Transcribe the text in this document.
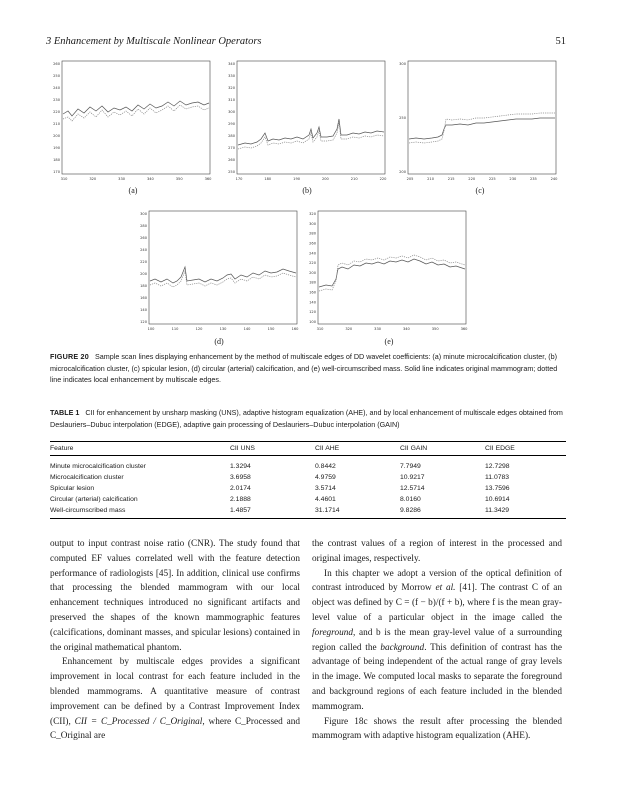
3 Enhancement by Multiscale Nonlinear Operators	51
260
250
240
230
220
210
200
190
180
170
310	320	330	340	350	360
(a)
340
330
320
310
300
290
280
270
260
250
170	180	190	200	210	220
(b)
300
250
200
205	210	215	220	225	230	235	240
(c)
300
280
260
240
220
200
180
160
140
120
100	110	120	130	140	150	160
(d)
320
300
280
260
240
220
200
180
160
140
120
100
310	320	330	340	350	360
(e)
FIGURE 20 Sample scan lines displaying enhancement by the method of multiscale edges of DD wavelet coefficients: (a) minute microcalcification cluster, (b) microcalcification cluster, (c) spicular lesion, (d) circular (arterial) calcification, and (e) well-circumscribed mass. Solid line indicates original mammogram; dotted line indicates local enhancement by multiscale edges.
TABLE 1 CII for enhancement by unsharp masking (UNS), adaptive histogram equalization (AHE), and by local enhancement of multiscale edges obtained from Deslauriers–Dubuc interpolation (EDGE), adaptive gain processing of Deslauriers–Dubuc interpolation (GAIN)
Feature	CII UNS	CII AHE	CII GAIN	CII EDGE
Minute microcalcification cluster	1.3294	0.8442	7.7949	12.7298
Microcalcification cluster	3.6958	4.9759	10.9217	11.0783
Spicular lesion	2.0174	3.5714	12.5714	13.7596
Circular (arterial) calcification	2.1888	4.4601	8.0160	10.6914
Well-circumscribed mass	1.4857	31.1714	9.8286	11.3429

output to input contrast noise ratio (CNR). The study found that computed EF values correlated well with the feature detection performance of radiologists [45]. In addition, clinical use confirms that processing the blended mammogram with our local enhancement techniques introduced no significant artifacts and preserved the shapes of the known mammographic features (calcifications, dominant masses, and spicular lesions) contained in the original mathematical phantom.

Enhancement by multiscale edges provides a significant improvement in local contrast for each feature included in the blended mammograms. A quantitative measure of contrast improvement can be defined by a Contrast Improvement Index (CII), CII = C_Processed / C_Original, where C_Processed and C_Original are

the contrast values of a region of interest in the processed and original images, respectively.

In this chapter we adopt a version of the optical definition of contrast introduced by Morrow et al. [41]. The contrast C of an object was defined by C = (f − b)/(f + b), where f is the mean gray-level value of a particular object in the image called the foreground, and b is the mean gray-level value of a surrounding region called the background. This definition of contrast has the advantage of being independent of the actual range of gray levels in the image. We computed local masks to separate the foreground and background regions of each feature included in the blended mammogram.

Figure 18c shows the result after processing the blended mammogram with adaptive histogram equalization (AHE).
